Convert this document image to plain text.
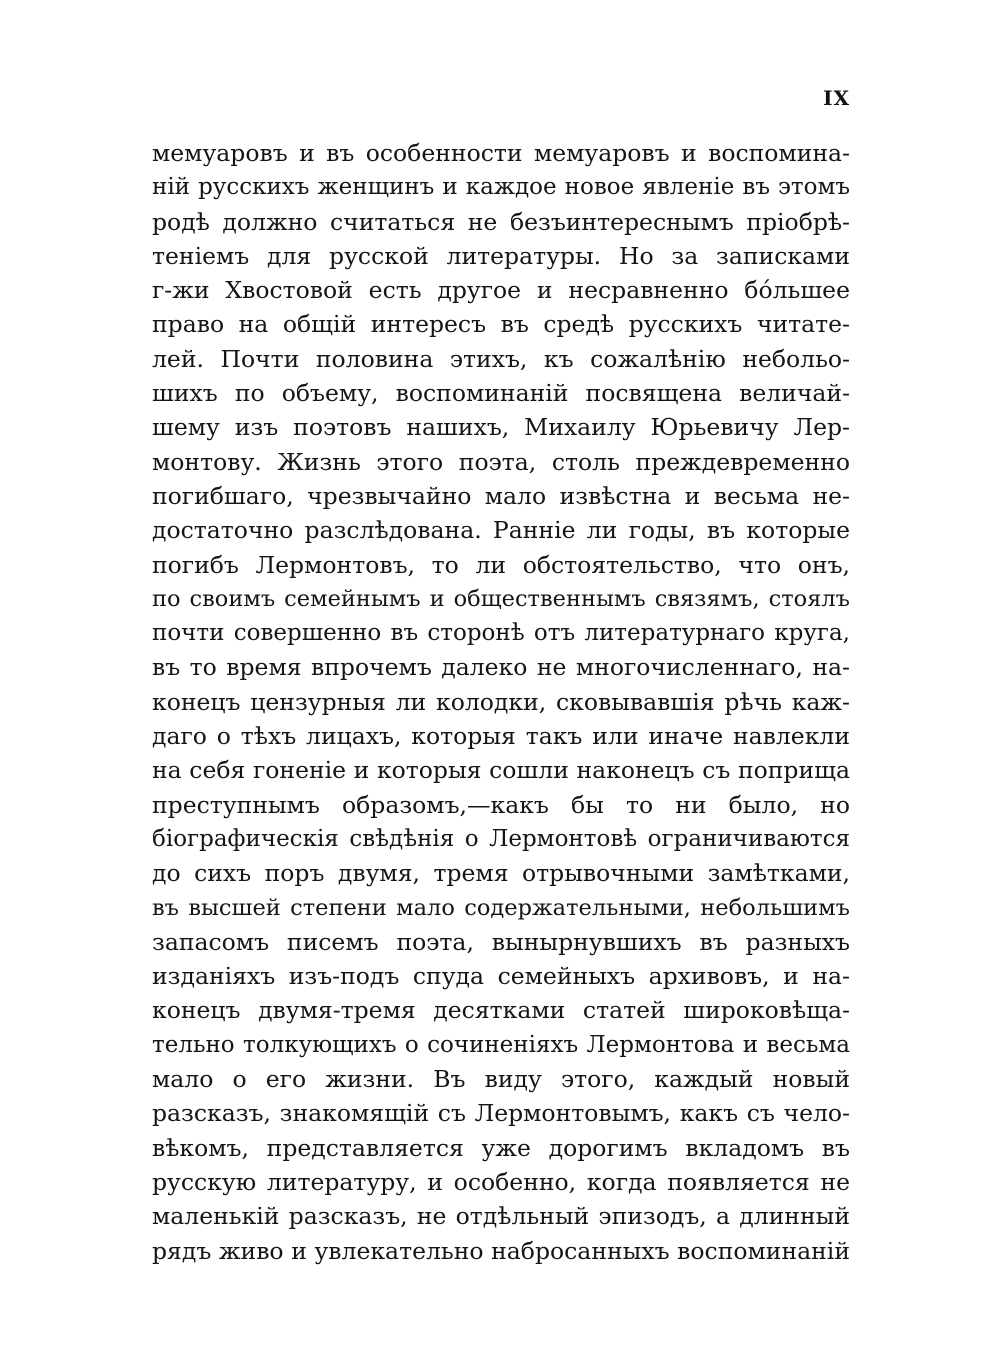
IX
мемуаровъ и въ особенности мемуаровъ и воспомина-
ній русскихъ женщинъ и каждое новое явленіе въ этомъ
родѣ должно считаться не безъинтереснымъ пріобрѣ-
теніемъ для русской литературы. Но за записками
г-жи Хвостовой есть другое и несравненно бóльшее
право на общій интересъ въ средѣ русскихъ читате-
лей. Почти половина этихъ, къ сожалѣнію небольо-
шихъ по объему, воспоминаній посвящена величай-
шему изъ поэтовъ нашихъ, Михаилу Юрьевичу Лер-
монтову. Жизнь этого поэта, столь преждевременно
погибшаго, чрезвычайно мало извѣстна и весьма не-
достаточно разслѣдована. Ранніе ли годы, въ которые
погибъ Лермонтовъ, то ли обстоятельство, что онъ,
по своимъ семейнымъ и общественнымъ связямъ, стоялъ
почти совершенно въ сторонѣ отъ литературнаго круга,
въ то время впрочемъ далеко не многочисленнаго, на-
конецъ цензурныя ли колодки, сковывавшія рѣчь каж-
даго о тѣхъ лицахъ, которыя такъ или иначе навлекли
на себя гоненіе и которыя сошли наконецъ съ поприща
преступнымъ образомъ,—какъ бы то ни было, но
біографическія свѣдѣнія о Лермонтовѣ ограничиваются
до сихъ поръ двумя, тремя отрывочными замѣтками,
въ высшей степени мало содержательными, небольшимъ
запасомъ писемъ поэта, вынырнувшихъ въ разныхъ
изданіяхъ изъ-подъ спуда семейныхъ архивовъ, и на-
конецъ двумя-тремя десятками статей широковѣща-
тельно толкующихъ о сочиненіяхъ Лермонтова и весьма
мало о его жизни. Въ виду этого, каждый новый
разсказъ, знакомящій съ Лермонтовымъ, какъ съ чело-
вѣкомъ, представляется уже дорогимъ вкладомъ въ
русскую литературу, и особенно, когда появляется не
маленькій разсказъ, не отдѣльный эпизодъ, а длинный
рядъ живо и увлекательно набросанныхъ воспоминаній
